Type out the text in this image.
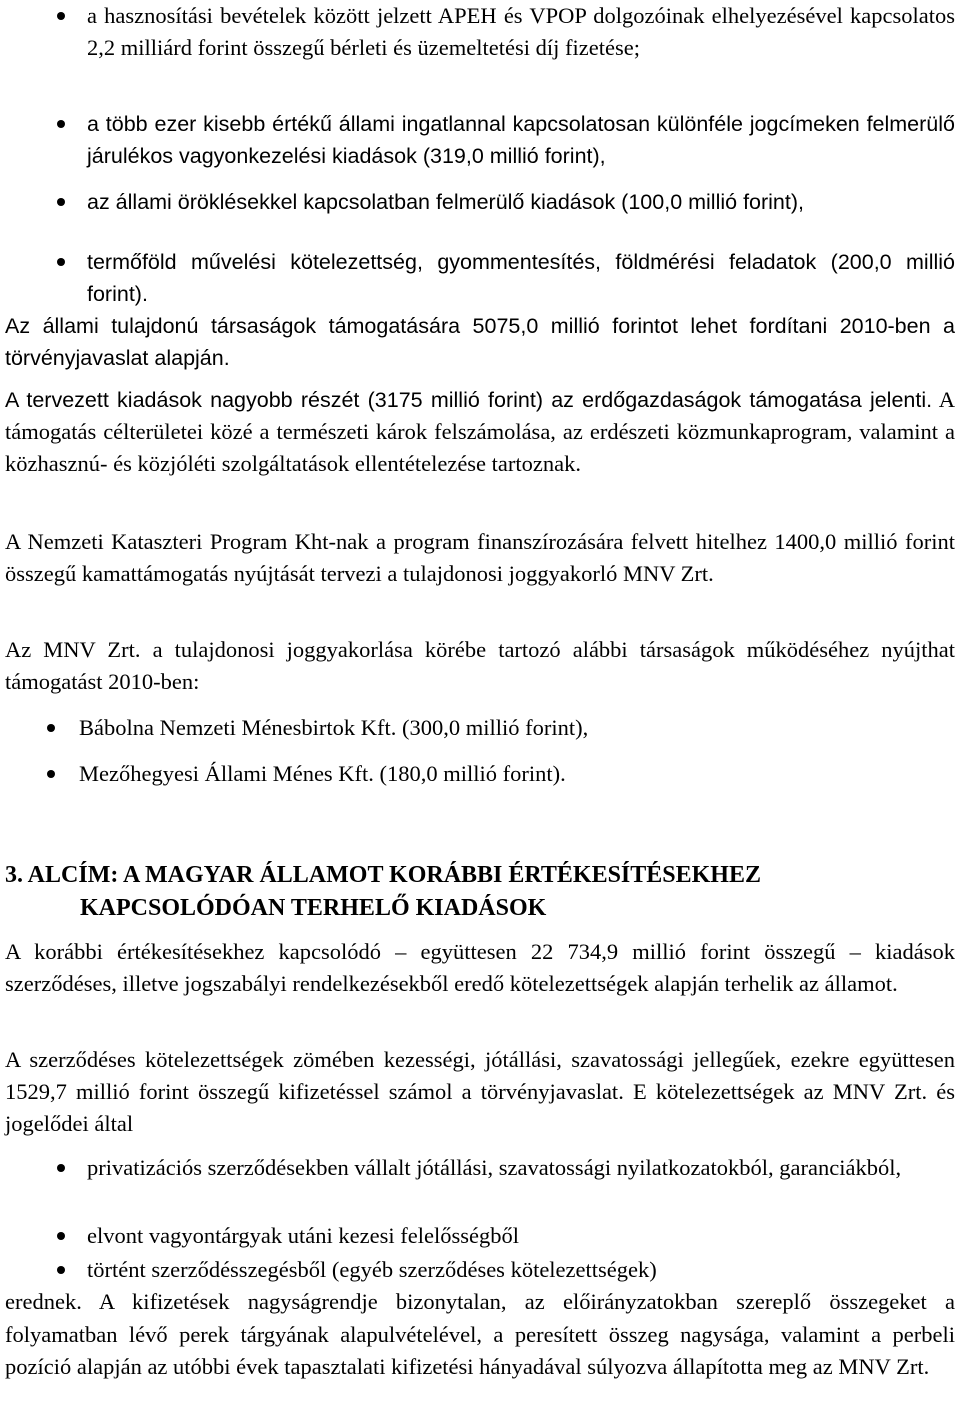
a hasznosítási bevételek között jelzett APEH és VPOP dolgozóinak elhelyezésével kapcsolatos 2,2 milliárd forint összegű bérleti és üzemeltetési díj fizetése;

a több ezer kisebb értékű állami ingatlannal kapcsolatosan különféle jogcímeken felmerülő járulékos vagyonkezelési kiadások (319,0 millió forint),

az állami öröklésekkel kapcsolatban felmerülő kiadások (100,0 millió forint),

termőföld művelési kötelezettség, gyommentesítés, földmérési feladatok (200,0 millió forint).

Az állami tulajdonú társaságok támogatására 5075,0 millió forintot lehet fordítani 2010-ben a törvényjavaslat alapján.

A tervezett kiadások nagyobb részét (3175 millió forint) az erdőgazdaságok támogatása jelenti. A támogatás célterületei közé a természeti károk felszámolása, az erdészeti közmunkaprogram, valamint a közhasznú- és közjóléti szolgáltatások ellentételezése tartoznak.

A Nemzeti Kataszteri Program Kht-nak a program finanszírozására felvett hitelhez 1400,0 millió forint összegű kamattámogatás nyújtását tervezi a tulajdonosi joggyakorló MNV Zrt.

Az MNV Zrt. a tulajdonosi joggyakorlása körébe tartozó alábbi társaságok működéséhez nyújthat támogatást 2010-ben:

Bábolna Nemzeti Ménesbirtok Kft. (300,0 millió forint),

Mezőhegyesi Állami Ménes Kft. (180,0 millió forint).

3. ALCÍM: A MAGYAR ÁLLAMOT KORÁBBI ÉRTÉKESÍTÉSEKHEZ
KAPCSOLÓDÓAN TERHELŐ KIADÁSOK

A korábbi értékesítésekhez kapcsolódó – együttesen 22 734,9 millió forint összegű – kiadások szerződéses, illetve jogszabályi rendelkezésekből eredő kötelezettségek alapján terhelik az államot.

A szerződéses kötelezettségek zömében kezességi, jótállási, szavatossági jellegűek, ezekre együttesen 1529,7 millió forint összegű kifizetéssel számol a törvényjavaslat. E kötelezettségek az MNV Zrt. és jogelődei által

privatizációs szerződésekben vállalt jótállási, szavatossági nyilatkozatokból, garanciákból,

elvont vagyontárgyak utáni kezesi felelősségből

történt szerződésszegésből (egyéb szerződéses kötelezettségek)

erednek. A kifizetések nagyságrendje bizonytalan, az előirányzatokban szereplő összegeket a folyamatban lévő perek tárgyának alapulvételével, a peresített összeg nagysága, valamint a perbeli pozíció alapján az utóbbi évek tapasztalati kifizetési hányadával súlyozva állapította meg az MNV Zrt.
